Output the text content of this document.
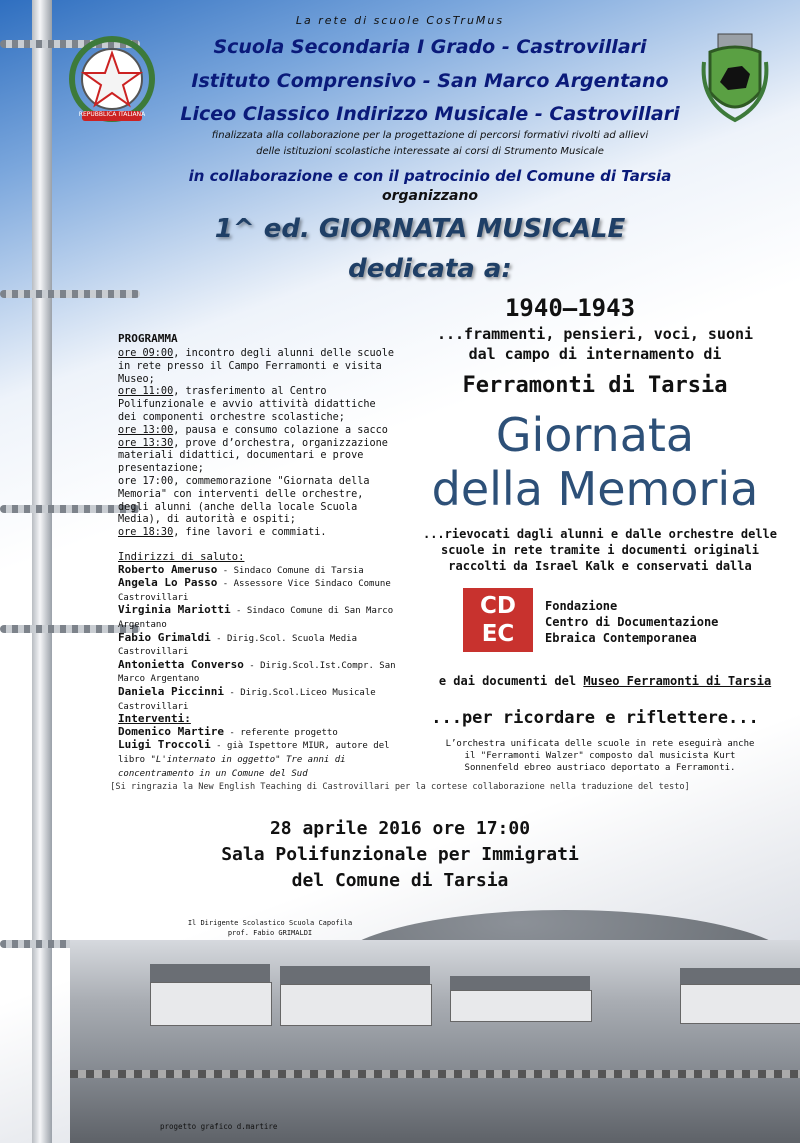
REPUBBLICA ITALIANA
La rete di scuole CosTruMus
Scuola Secondaria I Grado - Castrovillari
Istituto Comprensivo - San Marco Argentano
Liceo Classico Indirizzo Musicale - Castrovillari
finalizzata alla collaborazione per la progettazione di percorsi formativi rivolti ad allievi
delle istituzioni scolastiche interessate ai corsi di Strumento Musicale
in collaborazione e con il patrocinio del Comune di Tarsia
organizzano
1^ ed. GIORNATA MUSICALE
dedicata a:
1940–1943
...frammenti, pensieri, voci, suoni
dal campo di internamento di
Ferramonti di Tarsia
Giornata
della Memoria
...rievocati dagli alunni e dalle orchestre delle
scuole in rete tramite i documenti originali
raccolti da Israel Kalk e conservati dalla
CD
EC
Fondazione
Centro di Documentazione
Ebraica Contemporanea
e dai documenti del Museo Ferramonti di Tarsia
...per ricordare e riflettere...
L’orchestra unificata delle scuole in rete eseguirà anche
il "Ferramonti Walzer" composto dal musicista Kurt
Sonnenfeld ebreo austriaco deportato a Ferramonti.
PROGRAMMA
ore 09:00, incontro degli alunni delle scuole in rete presso il Campo Ferramonti e visita Museo;
ore 11:00, trasferimento al Centro Polifunzionale e avvio attività didattiche dei componenti orchestre scolastiche;
ore 13:00, pausa e consumo colazione a sacco
ore 13:30, prove d’orchestra, organizzazione materiali didattici, documentari e prove presentazione;
ore 17:00, commemorazione "Giornata della Memoria" con interventi delle orchestre, degli alunni (anche della locale Scuola Media), di autorità e ospiti;
ore 18:30, fine lavori e commiati.
Indirizzi di saluto:
Roberto Ameruso - Sindaco Comune di Tarsia
Angela Lo Passo - Assessore Vice Sindaco Comune Castrovillari
Virginia Mariotti - Sindaco Comune di San Marco Argentano
Fabio Grimaldi - Dirig.Scol. Scuola Media Castrovillari
Antonietta Converso - Dirig.Scol.Ist.Compr. San Marco Argentano
Daniela Piccinni - Dirig.Scol.Liceo Musicale Castrovillari
Interventi:
Domenico Martire - referente progetto
Luigi Troccoli - già Ispettore MIUR, autore del libro "L'internato in oggetto" Tre anni di concentramento in un Comune del Sud
[Si ringrazia la New English Teaching di Castrovillari per la cortese collaborazione nella traduzione del testo]
28 aprile 2016 ore 17:00
Sala Polifunzionale per Immigrati
del Comune di Tarsia
Il Dirigente Scolastico Scuola Capofila
prof. Fabio GRIMALDI
progetto grafico d.martire
